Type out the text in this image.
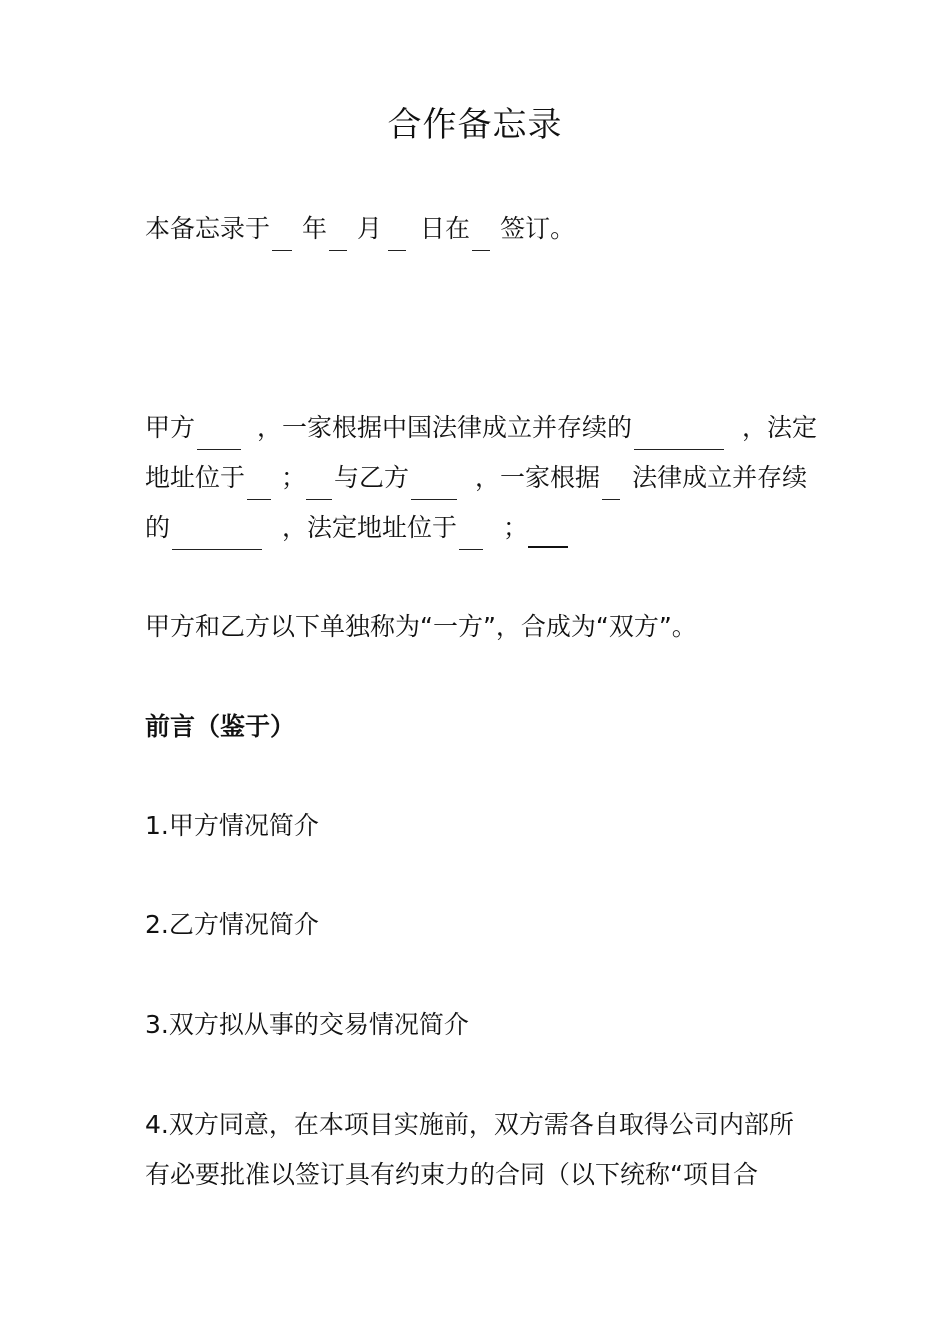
合作备忘录
本备忘录于 年 月 日在 签订。
甲方 ，一家根据中国法律成立并存续的	，法定
地址位于 ； 与乙方	，一家根据 法律成立并存续
的	，法定地址位于 ；
甲方和乙方以下单独称为“一方”，合成为“双方”。
前言（鉴于）
1.甲方情况简介
2.乙方情况简介
3.双方拟从事的交易情况简介
4.双方同意，在本项目实施前，双方需各自取得公司内部所
有必要批准以签订具有约束力的合同（以下统称“项目合
